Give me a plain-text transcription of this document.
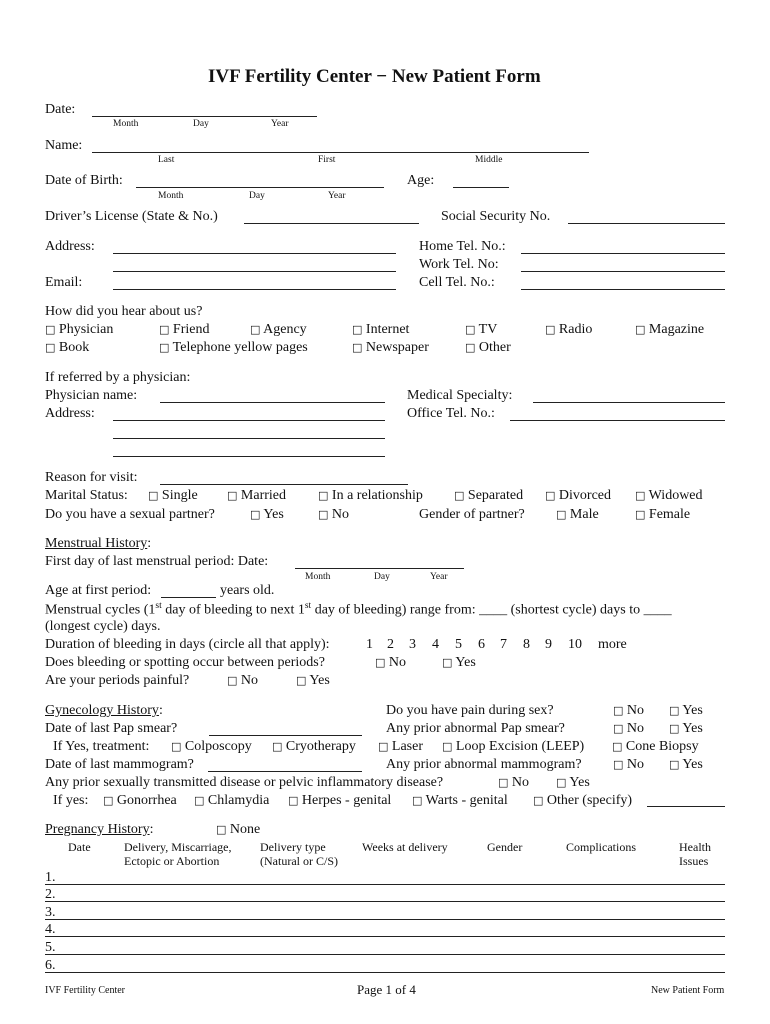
IVF Fertility Center − New Patient Form
Date:
Month	Day	Year
Name:
Last	First	Middle
Date of Birth:
Month	Day	Year
Age:
Driver’s License (State & No.)	Social Security No.
Address:
Email:
Home Tel. No.:
Work Tel. No:
Cell Tel. No.:
How did you hear about us?
□ Physician	□ Friend	□ Agency	□ Internet	□ TV	□ Radio	□ Magazine
□ Book	□ Telephone yellow pages	□ Newspaper	□ Other
If referred by a physician:
Physician name:
Address:
Medical Specialty:
Office Tel. No.:
Reason for visit:
Marital Status: □ Single	□ Married	□ In a relationship	□ Separated □ Divorced □ Widowed
Do you have a sexual partner?	□ Yes	□ No	Gender of partner?	□ Male	□ Female
Menstrual History:
First day of last menstrual period: Date:
Month	Day	Year
Age at first period:	years old.
Menstrual cycles (1st day of bleeding to next 1st day of bleeding) range from: ____ (shortest cycle) days to ____
(longest cycle) days.
Duration of bleeding in days (circle all that apply):	1 2 3 4 5 6 7 8 9 10 more
Does bleeding or spotting occur between periods?	□ No	□ Yes
Are your periods painful?	□ No	□ Yes
Gynecology History:	Do you have pain during sex?	□ No □ Yes
Date of last Pap smear?	Any prior abnormal Pap smear?	□ No □ Yes
If Yes, treatment: □ Colposcopy □ Cryotherapy □ Laser □ Loop Excision (LEEP)	□ Cone Biopsy
Date of last mammogram?	Any prior abnormal mammogram?	□ No □ Yes
Any prior sexually transmitted disease or pelvic inflammatory disease?	□ No □ Yes
If yes: □ Gonorrhea □ Chlamydia □ Herpes - genital □ Warts - genital □ Other (specify)
Pregnancy History:	□ None
Date	Delivery, Miscarriage,
Ectopic or Abortion
Delivery type
(Natural or C/S)
Weeks at delivery	Gender	Complications	Health
Issues
1.
2.
3.
4.
5.
6.
IVF Fertility Center	Page 1 of 4	New Patient Form
